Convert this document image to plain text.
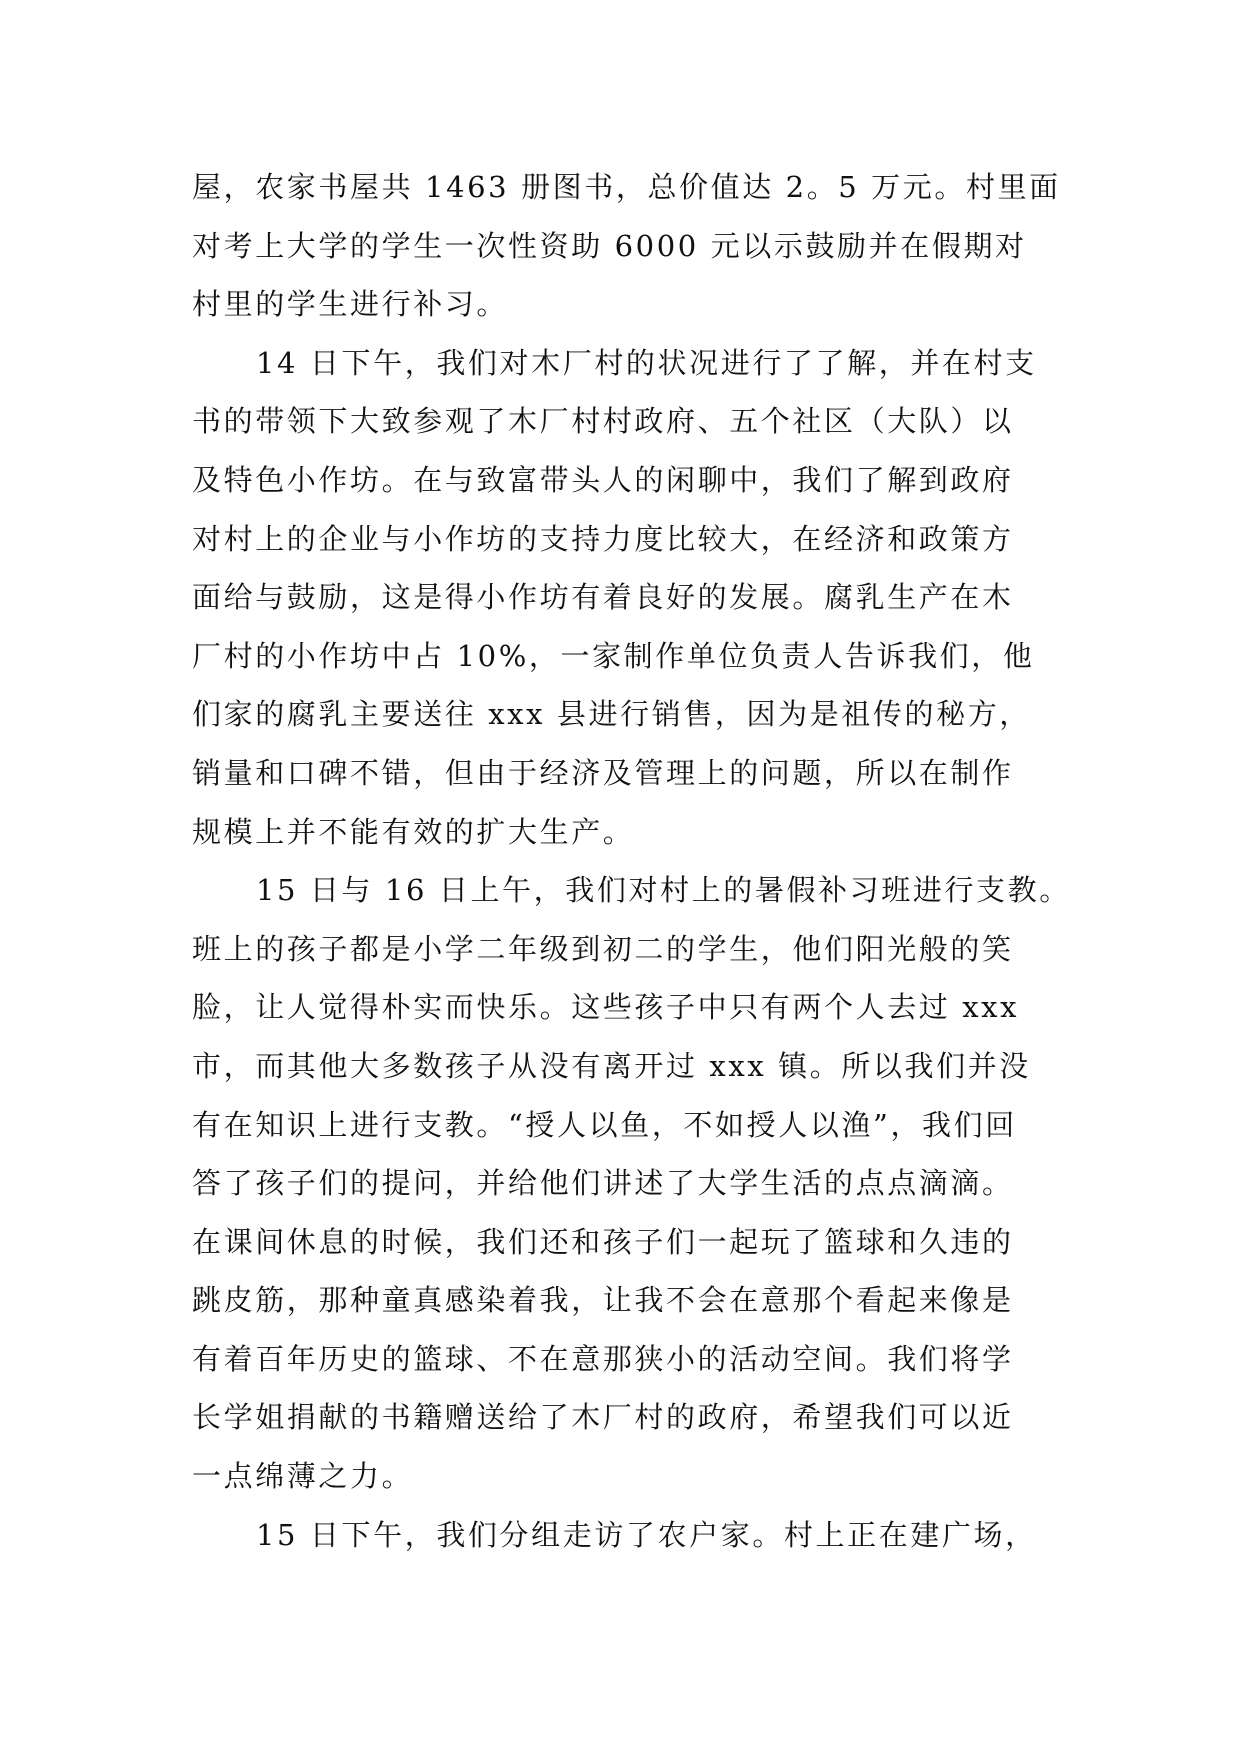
屋，农家书屋共 1463 册图书，总价值达 2。5 万元。村里面
对考上大学的学生一次性资助 6000 元以示鼓励并在假期对
村里的学生进行补习。
14 日下午，我们对木厂村的状况进行了了解，并在村支
书的带领下大致参观了木厂村村政府、五个社区（大队）以
及特色小作坊。在与致富带头人的闲聊中，我们了解到政府
对村上的企业与小作坊的支持力度比较大，在经济和政策方
面给与鼓励，这是得小作坊有着良好的发展。腐乳生产在木
厂村的小作坊中占 10%，一家制作单位负责人告诉我们，他
们家的腐乳主要送往 xxx 县进行销售，因为是祖传的秘方，
销量和口碑不错，但由于经济及管理上的问题，所以在制作
规模上并不能有效的扩大生产。
15 日与 16 日上午，我们对村上的暑假补习班进行支教。
班上的孩子都是小学二年级到初二的学生，他们阳光般的笑
脸，让人觉得朴实而快乐。这些孩子中只有两个人去过 xxx
市，而其他大多数孩子从没有离开过 xxx 镇。所以我们并没
有在知识上进行支教。“授人以鱼，不如授人以渔”，我们回
答了孩子们的提问，并给他们讲述了大学生活的点点滴滴。
在课间休息的时候，我们还和孩子们一起玩了篮球和久违的
跳皮筋，那种童真感染着我，让我不会在意那个看起来像是
有着百年历史的篮球、不在意那狭小的活动空间。我们将学
长学姐捐献的书籍赠送给了木厂村的政府，希望我们可以近
一点绵薄之力。
15 日下午，我们分组走访了农户家。村上正在建广场，
